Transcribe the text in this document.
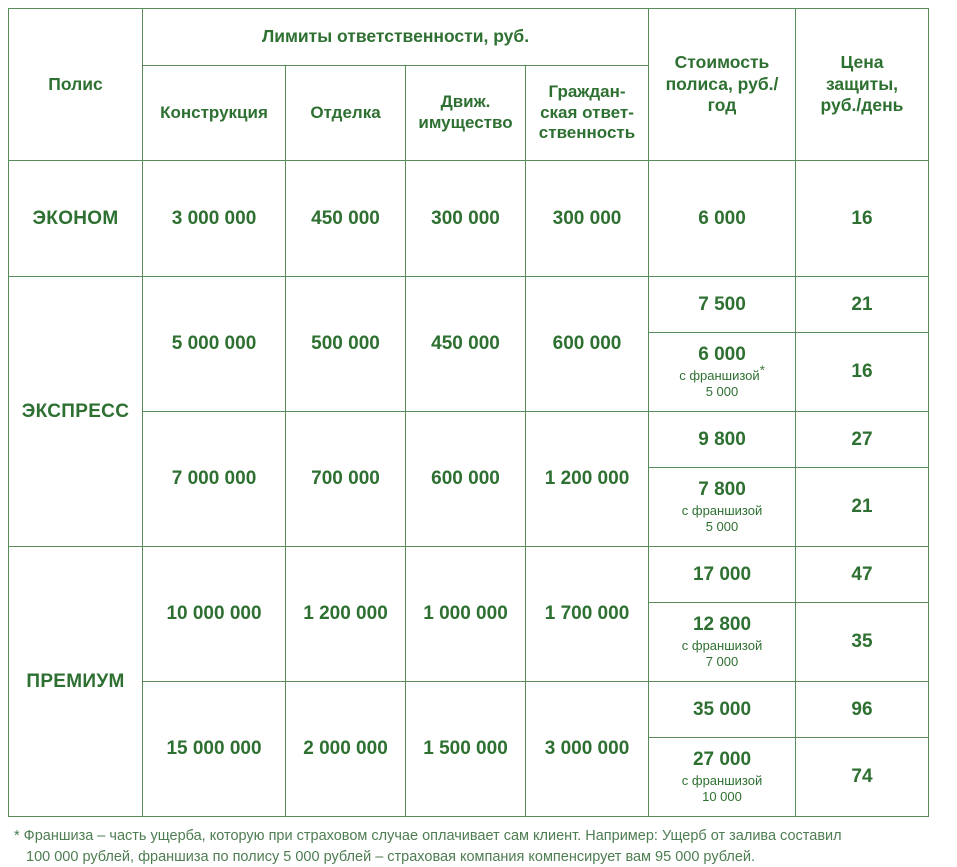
Полис	Лимиты ответственности, руб.				Стоимость
полиса, руб./
год	Цена
защиты,
руб./день
	Конструкция	Отделка	Движ.
имущество	Граждан-
ская ответ-
ственность		
ЭКОНОМ	3 000 000	450 000	300 000	300 000	6 000	16
ЭКСПРЕСС	5 000 000	500 000	450 000	600 000	7 500	21

					6 000
с франшизой*
5 000	16
	7 000 000	700 000	600 000	1 200 000	9 800	27

					7 800
с франшизой
5 000	21
ПРЕМИУМ	10 000 000	1 200 000	1 000 000	1 700 000	17 000	47

					12 800
с франшизой
7 000	35
	15 000 000	2 000 000	1 500 000	3 000 000	35 000	96

					27 000
с франшизой
10 000	74
* Франшиза – часть ущерба, которую при страховом случае оплачивает сам клиент. Например: Ущерб от залива составил
100 000 рублей, франшиза по полису 5 000 рублей – страховая компания компенсирует вам 95 000 рублей.
